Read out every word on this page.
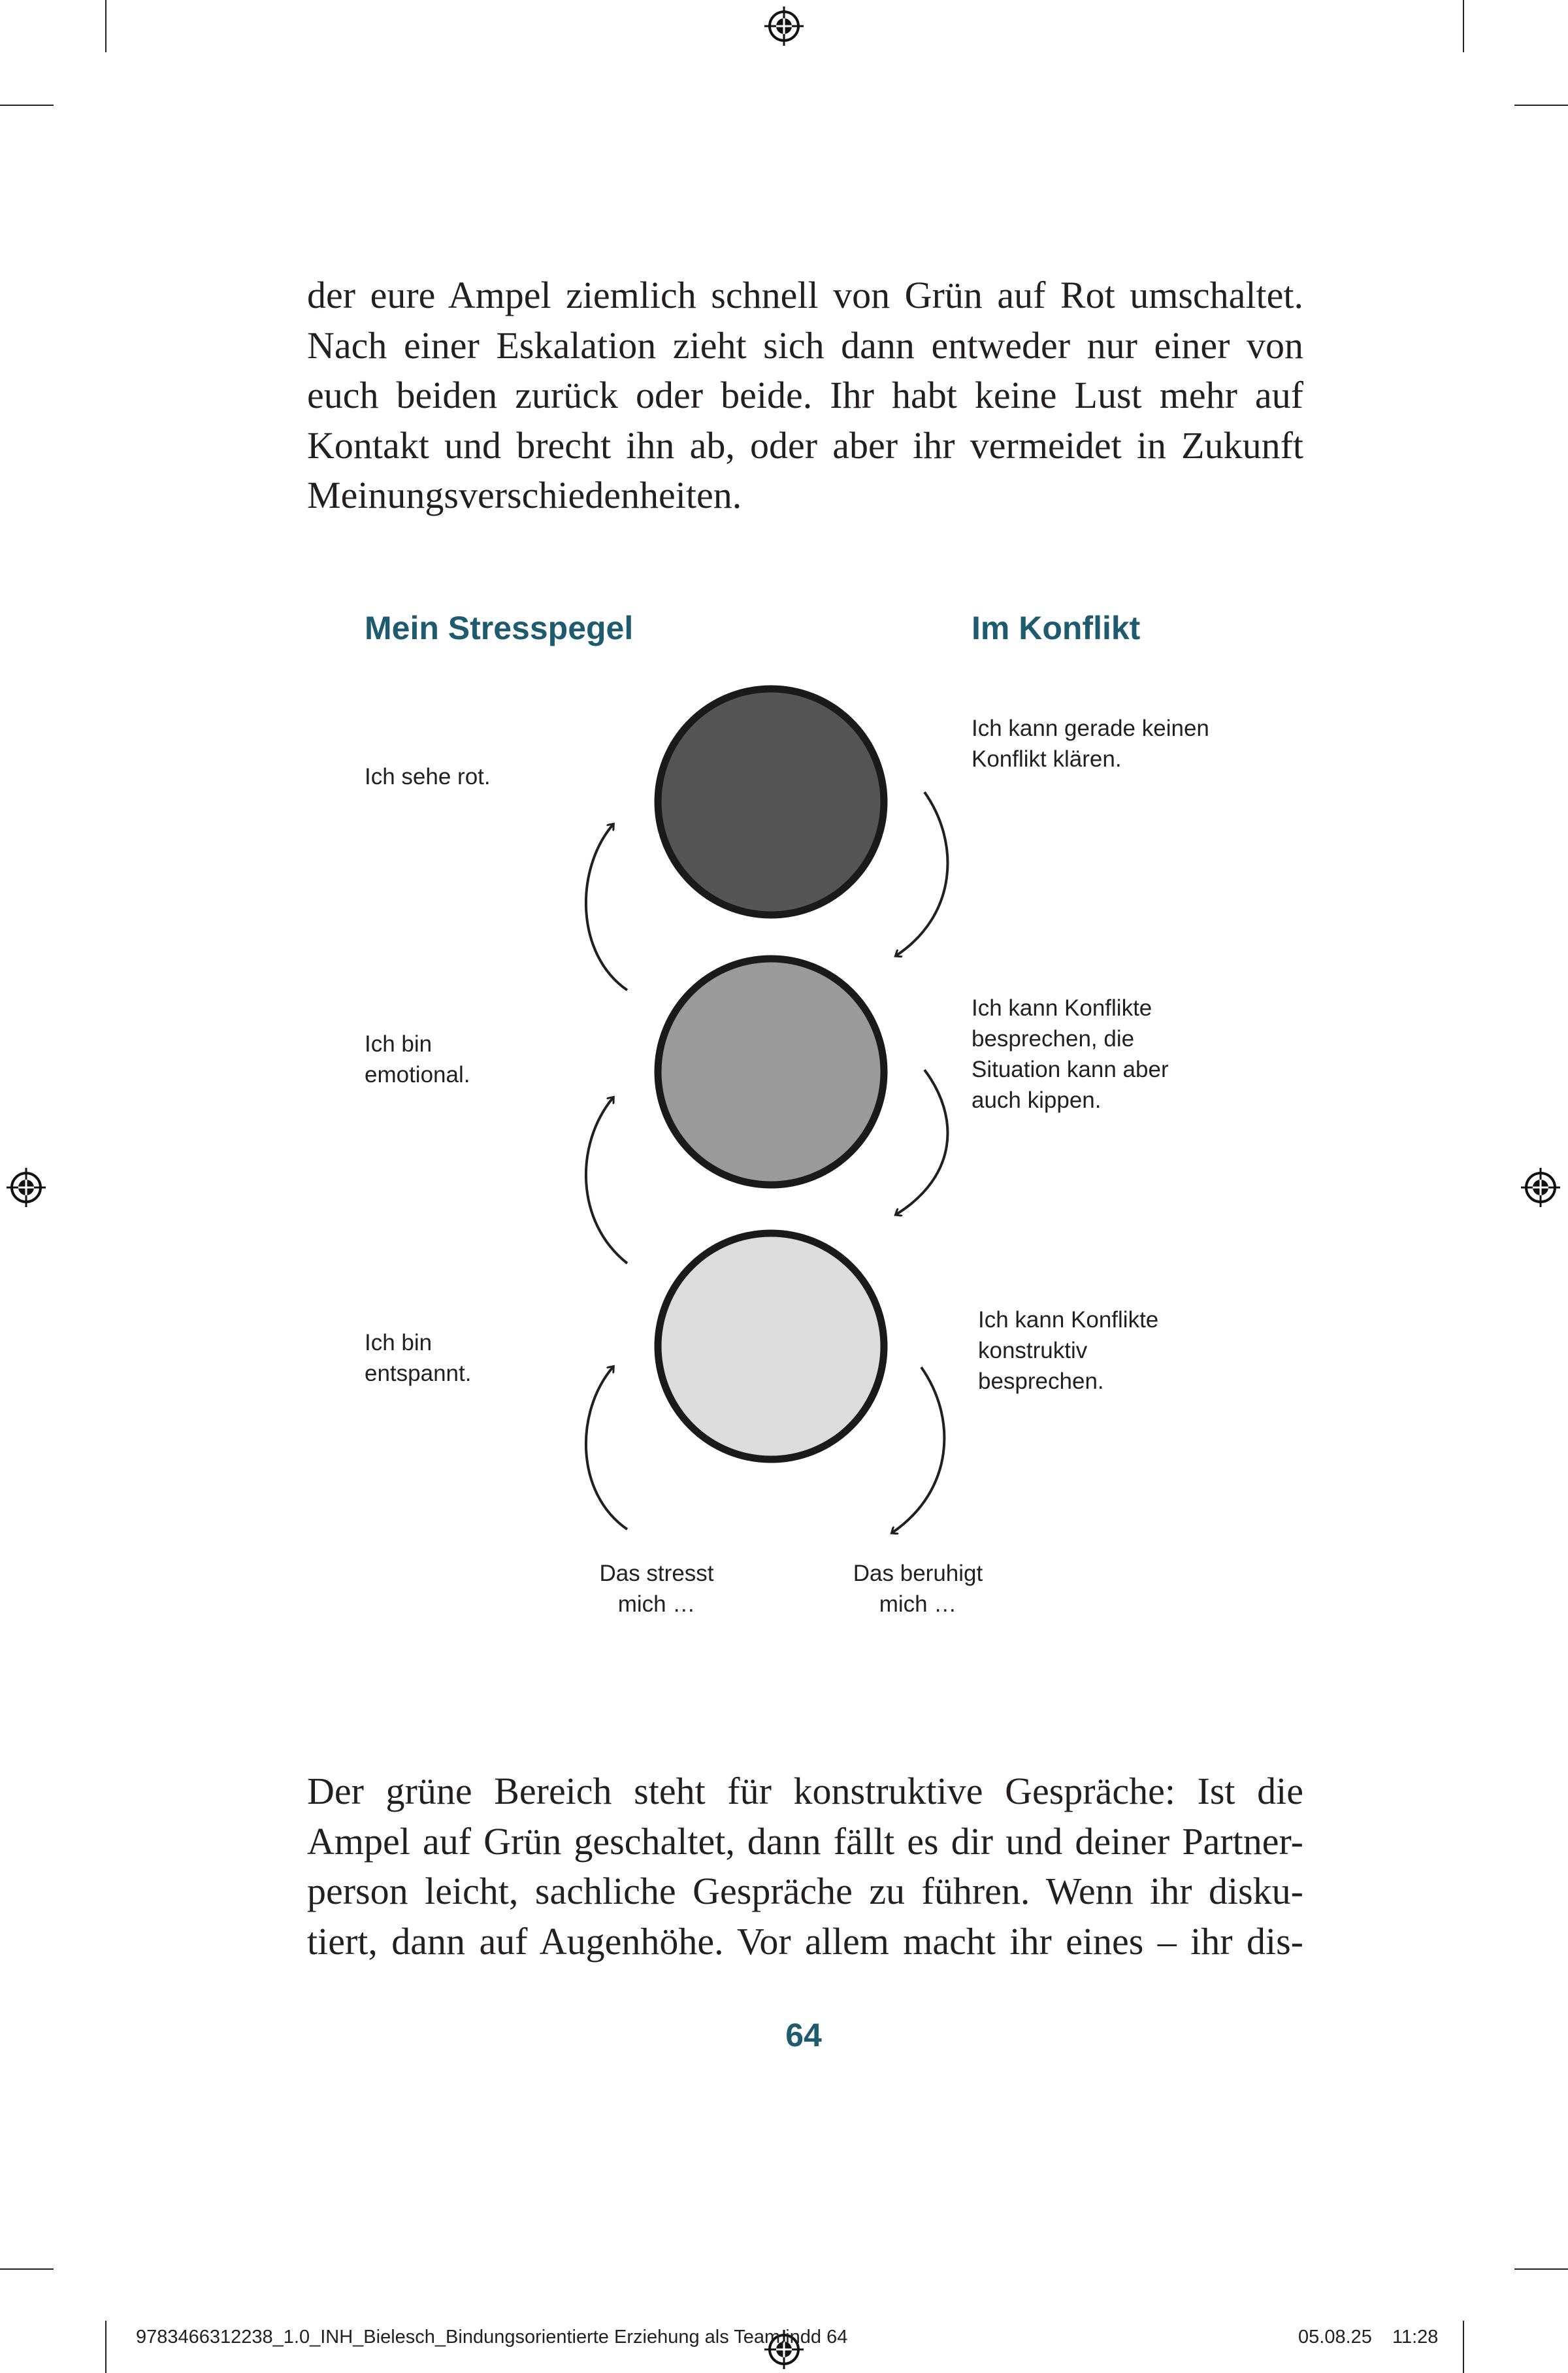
der eure Ampel ziemlich schnell von Grün auf Rot umschaltet.
Nach einer Eskalation zieht sich dann entweder nur einer von
euch beiden zurück oder beide. Ihr habt keine Lust mehr auf
Kontakt und brecht ihn ab, oder aber ihr vermeidet in Zukunft
Meinungsverschiedenheiten.
Mein Stresspegel	Im Konflikt
Ich sehe rot.
Ich bin
emotional.
Ich bin
entspannt.
Ich kann gerade keinen
Konflikt klären.
Ich kann Konflikte
besprechen, die
Situation kann aber
auch kippen.
Ich kann Konflikte
konstruktiv
besprechen.
Das stresst
mich …
Das beruhigt
mich …
Der grüne Bereich steht für konstruktive Gespräche: Ist die
Ampel auf Grün geschaltet, dann fällt es dir und deiner Partner-
person leicht, sachliche Gespräche zu führen. Wenn ihr disku-
tiert, dann auf Augenhöhe. Vor allem macht ihr eines – ihr dis-
64
9783466312238_1.0_INH_Bielesch_Bindungsorientierte Erziehung als Team.indd 64	05.08.25 11:28
